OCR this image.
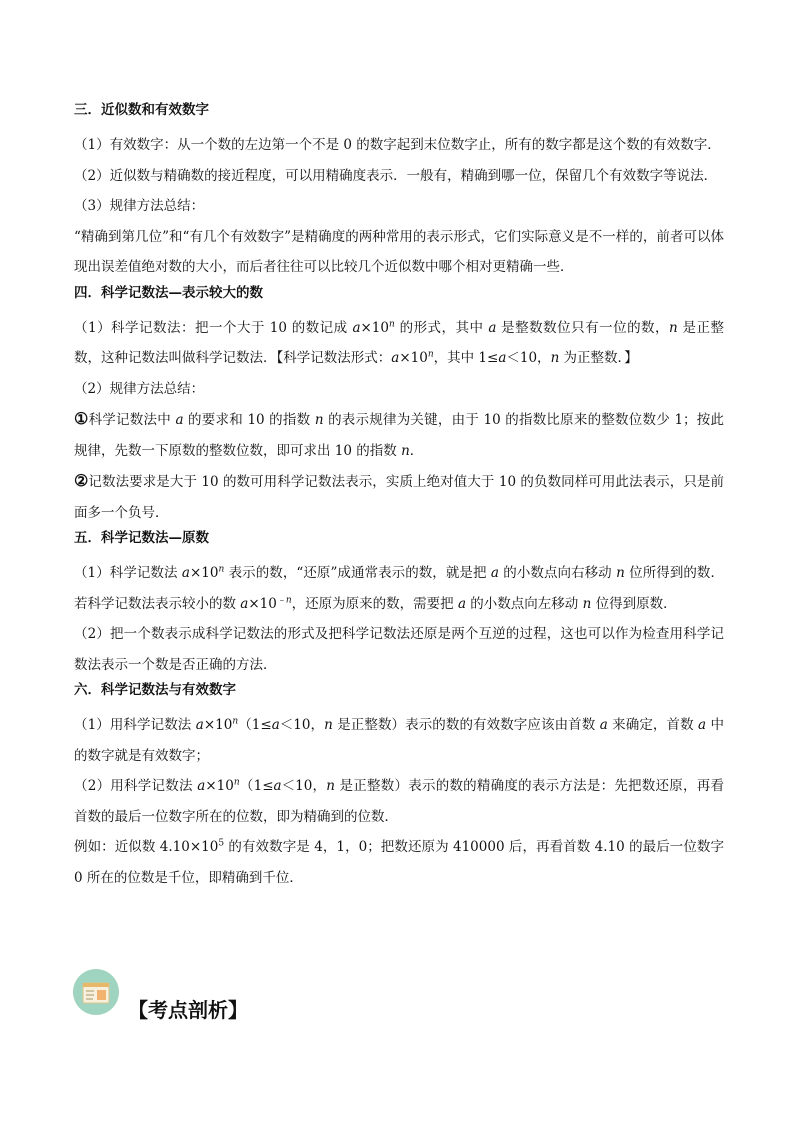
三．近似数和有效数字
（1）有效数字：从一个数的左边第一个不是 0 的数字起到末位数字止，所有的数字都是这个数的有效数字．
（2）近似数与精确数的接近程度，可以用精确度表示．一般有，精确到哪一位，保留几个有效数字等说法．
（3）规律方法总结：
“精确到第几位”和“有几个有效数字”是精确度的两种常用的表示形式，它们实际意义是不一样的，前者可以体现出误差值绝对数的大小，而后者往往可以比较几个近似数中哪个相对更精确一些．
四．科学记数法—表示较大的数
（1）科学记数法：把一个大于 10 的数记成 $a\times 10^n$ 的形式，其中 a 是整数数位只有一位的数，n 是正整数，这种记数法叫做科学记数法．【科学记数法形式：$a\times 10^n$，其中 1≤a＜10，n 为正整数．】
（2）规律方法总结：
①科学记数法中 a 的要求和 10 的指数 n 的表示规律为关键，由于 10 的指数比原来的整数位数少 1；按此规律，先数一下原数的整数位数，即可求出 10 的指数 n．
②记数法要求是大于 10 的数可用科学记数法表示，实质上绝对值大于 10 的负数同样可用此法表示，只是前面多一个负号．
五．科学记数法—原数
（1）科学记数法 $a\times 10^n$ 表示的数，“还原”成通常表示的数，就是把 a 的小数点向右移动 n 位所得到的数．若科学记数法表示较小的数 $a\times 10^{﹣n}$，还原为原来的数，需要把 a 的小数点向左移动 n 位得到原数．
（2）把一个数表示成科学记数法的形式及把科学记数法还原是两个互逆的过程，这也可以作为检查用科学记数法表示一个数是否正确的方法．
六．科学记数法与有效数字
（1）用科学记数法 $a\times 10^n(1\le a<10$，n 是正整数）表示的数的有效数字应该由首数 a 来确定，首数 a 中的数字就是有效数字；
（2）用科学记数法 $a\times 10^n(1\le a<10$，n 是正整数）表示的数的精确度的表示方法是：先把数还原，再看首数的最后一位数字所在的位数，即为精确到的位数．
例如：近似数 $4.10\times 10^5$ 的有效数字是 4，1，0；把数还原为 410000 后，再看首数 4.10 的最后一位数字 0 所在的位数是千位，即精确到千位．
【考点剖析】
